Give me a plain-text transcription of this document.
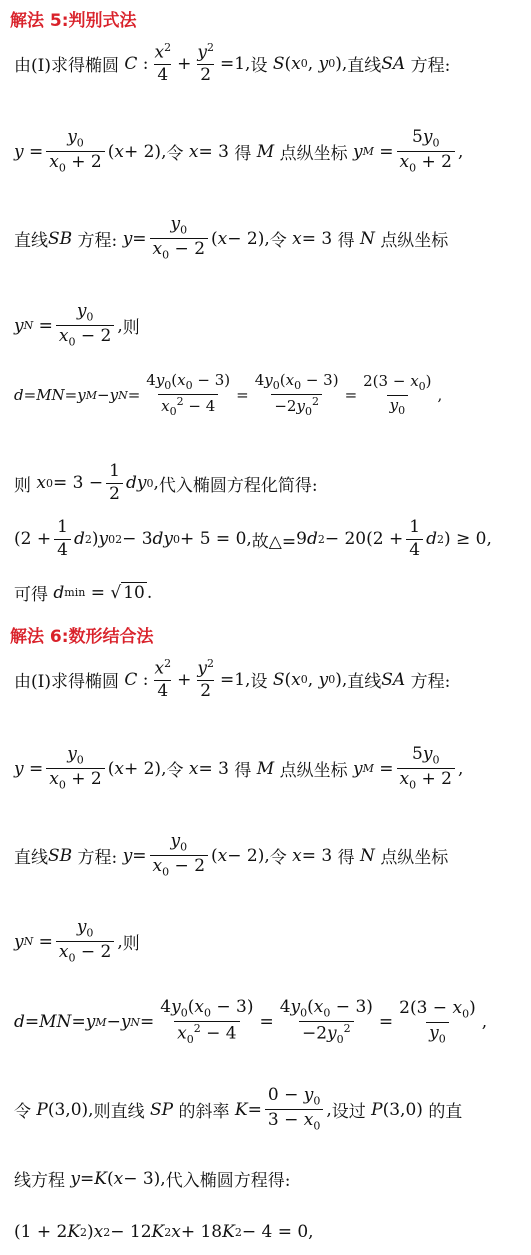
解法 5:判别式法
由(Ⅰ)求得椭圆 C : $\frac{x^2}{4} + \frac{y^2}{2} =1$, 设
S ( x 0 , y 0 ), 直线 SA
方程:
$y = \frac{y_0}{x_0 + 2}$ ( x + 2), 令
x = 3 得
M
点纵坐标
y $M = \frac{5y_0}{x_0 + 2}$ ,
直线 SB
方程:
$y = \frac{y_0}{x_0 - 2}$ ( x − 2), 令
x = 3 得
N
点纵坐标
y $N = \frac{y_0}{x_0 - 2}$ , 则
d = MN = y M − y $N = \frac{4y_0(x_0 - 3)}{x_0^2 - 4} = \frac{4y_0(x_0 - 3)}{-2y_0^2} = \frac{2(3 - x_0)}{y_0}$ ,
则
x $0 = 3 - \frac{1}{2}$ dy 0 , 代入椭圆方程化简得:
($2 + \frac{1}{4}$ d 2 ) y 0 2 − 3 dy 0 + 5 = 0, 故△= 9 d $2 - 20(2 + \frac{1}{4}$ d 2 ) ≥ 0,
可得
d min = √ 10 .
解法 6:数形结合法
由(Ⅰ)求得椭圆 C : $\frac{x^2}{4} + \frac{y^2}{2} =1$, 设
S ( x 0 , y 0 ), 直线 SA
方程:
$y = \frac{y_0}{x_0 + 2}$ ( x + 2), 令
x = 3 得
M
点纵坐标
y $M = \frac{5y_0}{x_0 + 2}$ ,
直线 SB
方程:
$y = \frac{y_0}{x_0 - 2}$ ( x − 2), 令
x = 3 得
N
点纵坐标
y $N = \frac{y_0}{x_0 - 2}$ , 则
d = MN = y M − y $N = \frac{4y_0(x_0 - 3)}{x_0^2 - 4} = \frac{4y_0(x_0 - 3)}{-2y_0^2} = \frac{2(3 - x_0)}{y_0}$ ,
令
P (3,0), 则直线
SP
的斜率
$K = \frac{0 - y_0}{3 - x_0}$ , 设过
P (3,0) 的直
线方程
y = K ( x − 3), 代入椭圆方程得:
(1 + 2 K 2 ) x 2 − 12 K 2 x + 18 K 2 − 4 = 0,
